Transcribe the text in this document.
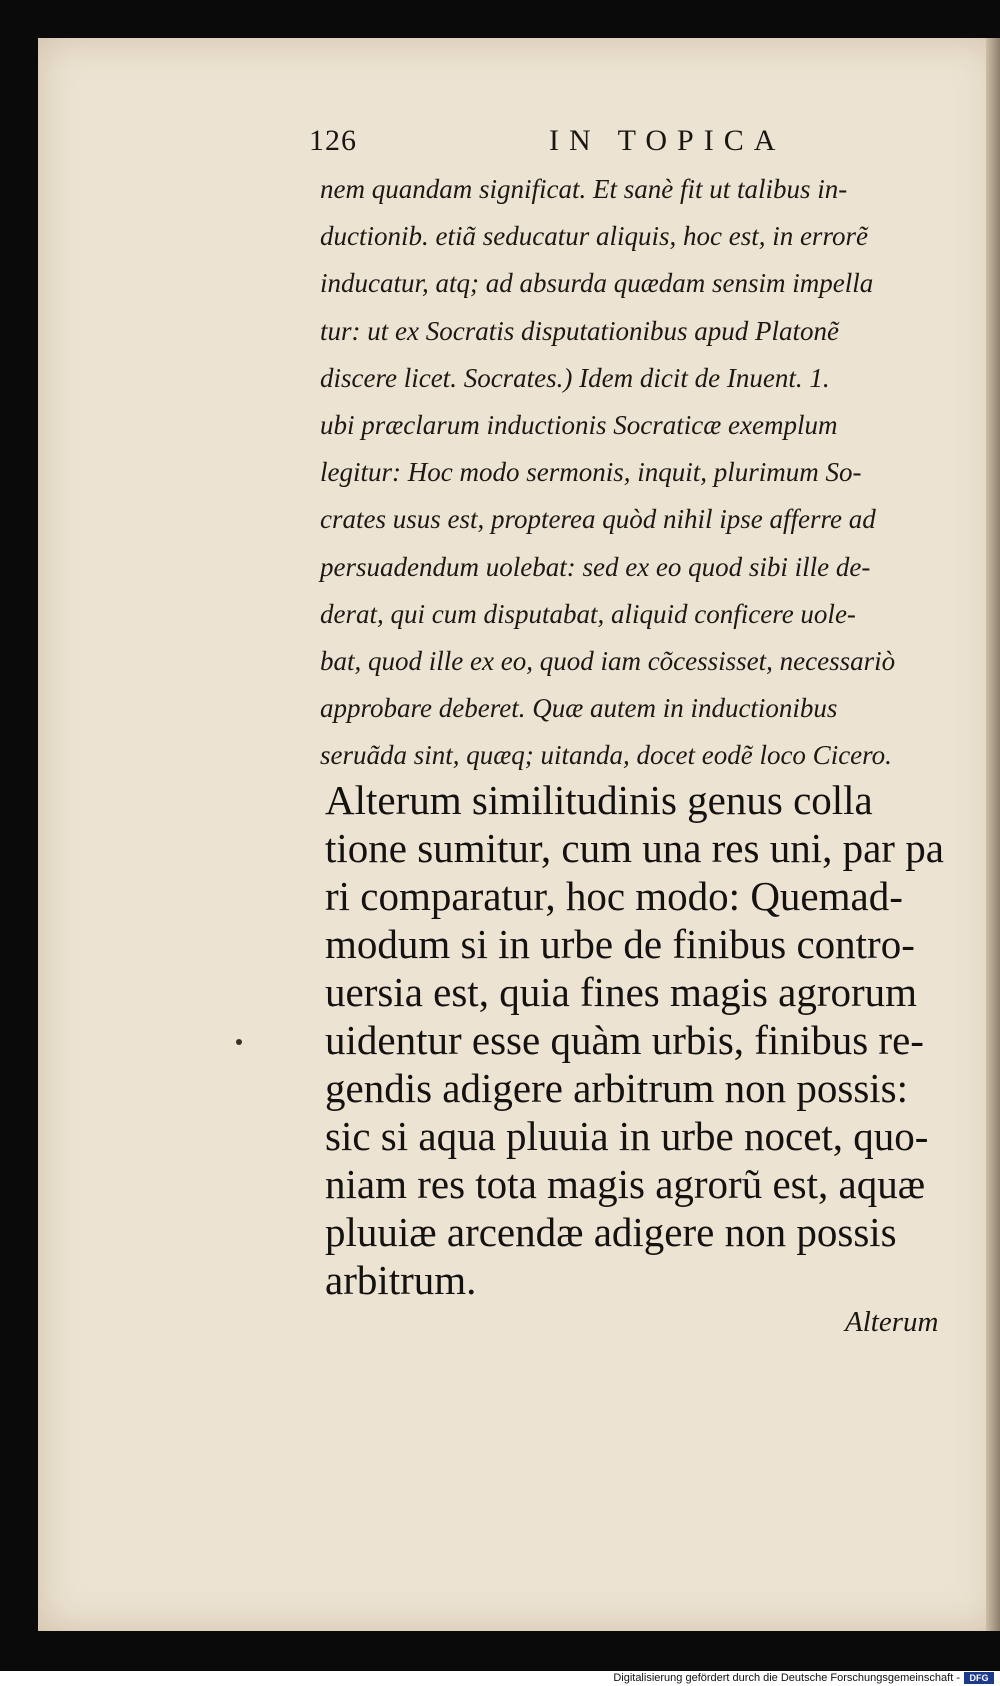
126	IN TOPICA
nem quandam significat. Et sanè fit ut talibus in-
ductionib. etiã seducatur aliquis, hoc est, in errorẽ
inducatur, atq; ad absurda quædam sensim impella
tur: ut ex Socratis disputationibus apud Platonẽ
discere licet. Socrates.) Idem dicit de Inuent. 1.
ubi præclarum inductionis Socraticæ exemplum
legitur: Hoc modo sermonis, inquit, plurimum So-
crates usus est, propterea quòd nihil ipse afferre ad
persuadendum uolebat: sed ex eo quod sibi ille de-
derat, qui cum disputabat, aliquid conficere uole-
bat, quod ille ex eo, quod iam cõcessisset, necessariò
approbare deberet. Quæ autem in inductionibus
seruãda sint, quæq; uitanda, docet eodẽ loco Cicero.
Alterum similitudinis genus colla
tione sumitur, cum una res uni, par pa
ri comparatur, hoc modo: Quemad-
modum si in urbe de finibus contro-
uersia est, quia fines magis agrorum
uidentur esse quàm urbis, finibus re-
gendis adigere arbitrum non possis:
sic si aqua pluuia in urbe nocet, quo-
niam res tota magis agrorũ est, aquæ
pluuiæ arcendæ adigere non possis
arbitrum.
Alterum
Digitalisierung gefördert durch die Deutsche Forschungsgemeinschaft -	DFG
